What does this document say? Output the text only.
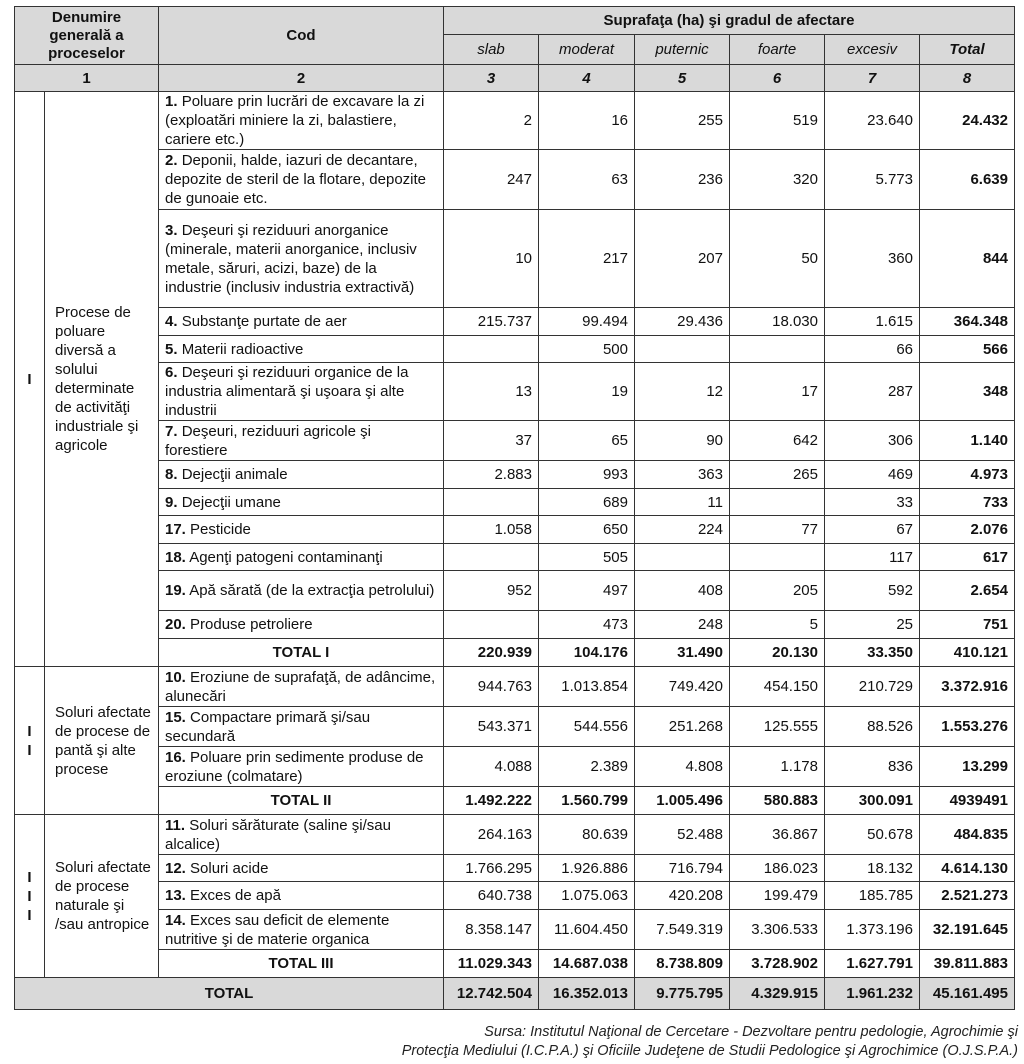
Denumire generală a proceselor		Cod	Suprafaţa (ha) şi gradul de afectare					
			slab	moderat	puternic	foarte	excesiv	Total
1		2	3	4	5	6	7	8

I	Procese de poluare diversă a solului determinate de activităţi industriale şi agricole	1. Poluare prin lucrări de excavare la zi (exploatări miniere la zi, balastiere, cariere etc.)	2	16	255	519	23.640	24.432
		2. Deponii, halde, iazuri de decantare, depozite de steril de la flotare, depozite de gunoaie etc.	247	63	236	320	5.773	6.639
		3. Deşeuri şi reziduuri anorganice (minerale, materii anorganice, inclusiv metale, săruri, acizi, baze) de la industrie (inclusiv industria extractivă)	10	217	207	50	360	844
		4. Substanţe purtate de aer	215.737	99.494	29.436	18.030	1.615	364.348
		5. Materii radioactive		500			66	566
		6. Deşeuri şi reziduuri organice de la industria alimentară şi uşoara şi alte industrii	13	19	12	17	287	348
		7. Deşeuri, reziduuri agricole şi forestiere	37	65	90	642	306	1.140
		8. Dejecţii animale	2.883	993	363	265	469	4.973
		9. Dejecţii umane		689	11		33	733
		17. Pesticide	1.058	650	224	77	67	2.076
		18. Agenţi patogeni contaminanţi		505			117	617
		19. Apă sărată (de la extracţia petrolului)	952	497	408	205	592	2.654
		20. Produse petroliere		473	248	5	25	751
		TOTAL I	220.939	104.176	31.490	20.130	33.350	410.121

I I	Soluri afectate de procese de pantă şi alte procese	10. Eroziune de suprafaţă, de adâncime, alunecări	944.763	1.013.854	749.420	454.150	210.729	3.372.916
		15. Compactare primară şi/sau secundară	543.371	544.556	251.268	125.555	88.526	1.553.276
		16. Poluare prin sedimente produse de eroziune (colmatare)	4.088	2.389	4.808	1.178	836	13.299
		TOTAL II	1.492.222	1.560.799	1.005.496	580.883	300.091	4939491

I I I	Soluri afectate de procese naturale şi /sau antropice	11. Soluri sărăturate (saline şi/sau alcalice)	264.163	80.639	52.488	36.867	50.678	484.835
		12. Soluri acide	1.766.295	1.926.886	716.794	186.023	18.132	4.614.130
		13. Exces de apă	640.738	1.075.063	420.208	199.479	185.785	2.521.273
		14. Exces sau deficit de elemente nutritive şi de materie organica	8.358.147	11.604.450	7.549.319	3.306.533	1.373.196	32.191.645
		TOTAL III	11.029.343	14.687.038	8.738.809	3.728.902	1.627.791	39.811.883
TOTAL			12.742.504	16.352.013	9.775.795	4.329.915	1.961.232	45.161.495
Sursa: Institutul Naţional de Cercetare - Dezvoltare pentru pedologie, Agrochimie şi
Protecţia Mediului (I.C.P.A.) şi Oficiile Judeţene de Studii Pedologice şi Agrochimice (O.J.S.P.A.)
